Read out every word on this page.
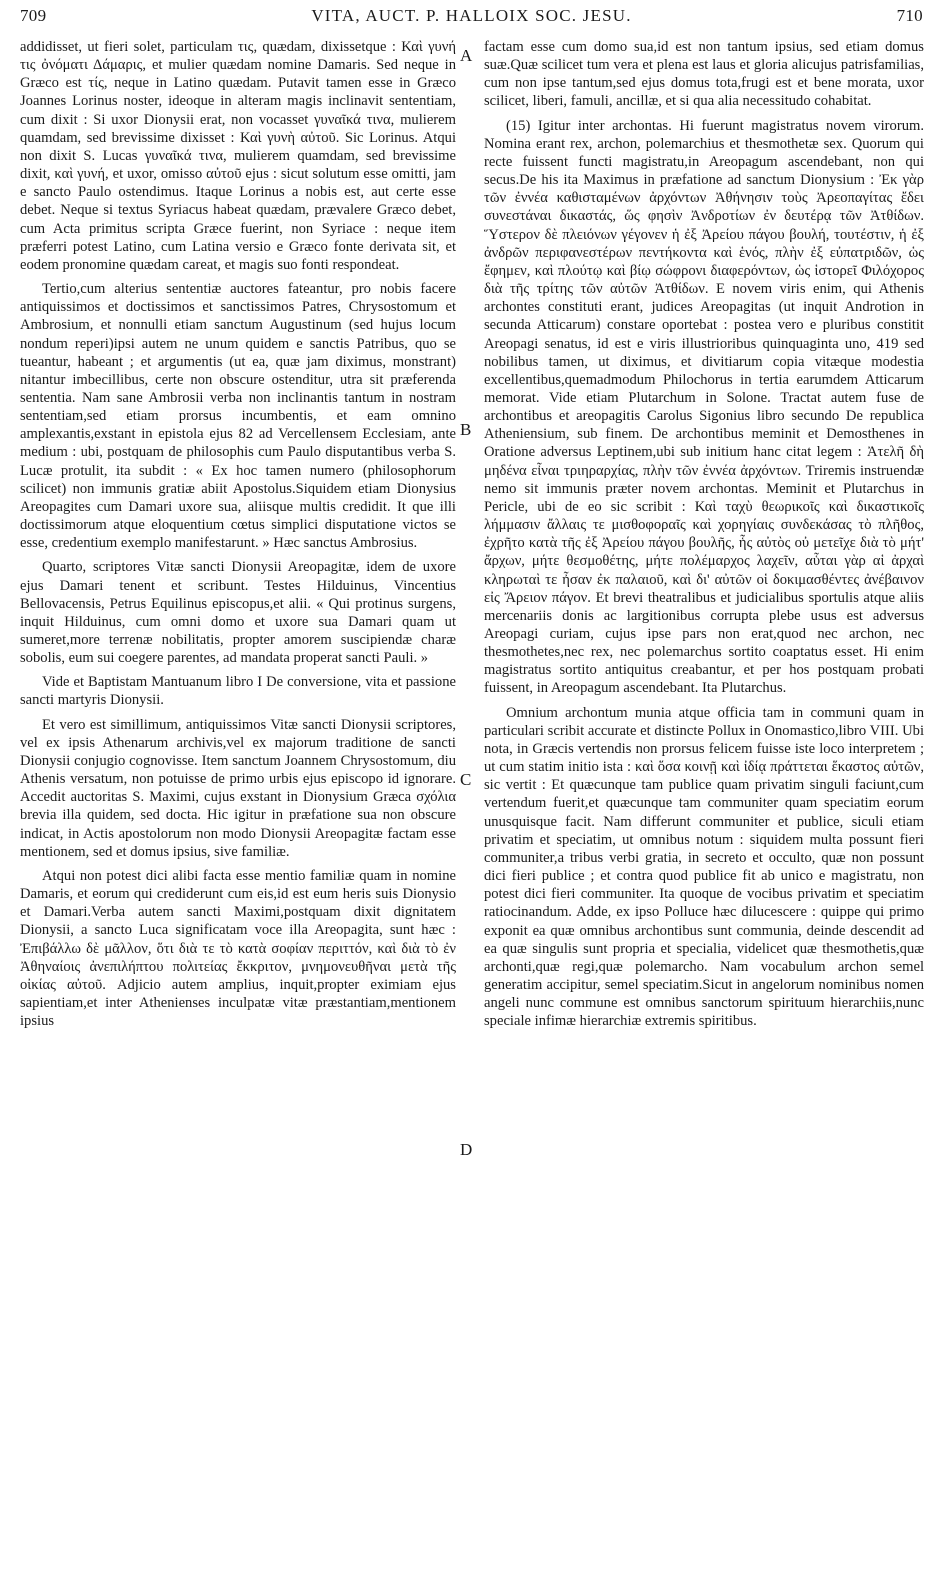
709	VITA, AUCT. P. HALLOIX SOC. JESU.	710
A
B
C
D

addidisset, ut fieri solet, particulam τις, quædam, dixissetque : Καὶ γυνή τις ὀνόματι Δάμαρις, et mulier quædam nomine Damaris. Sed neque in Græco est τίς, neque in Latino quædam. Putavit tamen esse in Græco Joannes Lorinus noster, ideoque in alteram magis inclinavit sententiam, cum dixit : Si uxor Dionysii erat, non vocasset γυναῖκά τινα, mulierem quamdam, sed brevissime dixisset : Καὶ γυνὴ αὐτοῦ. Sic Lorinus. Atqui non dixit S. Lucas γυναῖκά τινα, mulierem quamdam, sed brevissime dixit, καὶ γυνή, et uxor, omisso αὐτοῦ ejus : sicut solutum esse omitti, jam e sancto Paulo ostendimus. Itaque Lorinus a nobis est, aut certe esse debet. Neque si textus Syriacus habeat quædam, prævalere Græco debet, cum Acta primitus scripta Græce fuerint, non Syriace : neque item præferri potest Latino, cum Latina versio e Græco fonte derivata sit, et eodem pronomine quædam careat, et magis suo fonti respondeat.

Tertio,cum alterius sententiæ auctores fateantur, pro nobis facere antiquissimos et doctissimos et sanctissimos Patres, Chrysostomum et Ambrosium, et nonnulli etiam sanctum Augustinum (sed hujus locum nondum reperi)ipsi autem ne unum quidem e sanctis Patribus, quo se tueantur, habeant ; et argumentis (ut ea, quæ jam diximus, monstrant) nitantur imbecillibus, certe non obscure ostenditur, utra sit præferenda sententia. Nam sane Ambrosii verba non inclinantis tantum in nostram sententiam,sed etiam prorsus incumbentis, et eam omnino amplexantis,exstant in epistola ejus 82 ad Vercellensem Ecclesiam, ante medium : ubi, postquam de philosophis cum Paulo disputantibus verba S. Lucæ protulit, ita subdit : « Ex hoc tamen numero (philosophorum scilicet) non immunis gratiæ abiit Apostolus.Siquidem etiam Dionysius Areopagites cum Damari uxore sua, aliisque multis credidit. It que illi doctissimorum atque eloquentium cœtus simplici disputatione victos se esse, credentium exemplo manifestarunt. » Hæc sanctus Ambrosius.

Quarto, scriptores Vitæ sancti Dionysii Areopagitæ, idem de uxore ejus Damari tenent et scribunt. Testes Hilduinus, Vincentius Bellovacensis, Petrus Equilinus episcopus,et alii. « Qui protinus surgens, inquit Hilduinus, cum omni domo et uxore sua Damari quam ut sumeret,more terrenæ nobilitatis, propter amorem suscipiendæ charæ sobolis, eum sui coegere parentes, ad mandata properat sancti Pauli. »

Vide et Baptistam Mantuanum libro I De conversione, vita et passione sancti martyris Dionysii.

Et vero est simillimum, antiquissimos Vitæ sancti Dionysii scriptores, vel ex ipsis Athenarum archivis,vel ex majorum traditione de sancti Dionysii conjugio cognovisse. Item sanctum Joannem Chrysostomum, diu Athenis versatum, non potuisse de primo urbis ejus episcopo id ignorare. Accedit auctoritas S. Maximi, cujus exstant in Dionysium Græca σχόλια brevia illa quidem, sed docta. Hic igitur in præfatione sua non obscure indicat, in Actis apostolorum non modo Dionysii Areopagitæ factam esse mentionem, sed et domus ipsius, sive familiæ.

Atqui non potest dici alibi facta esse mentio familiæ quam in nomine Damaris, et eorum qui crediderunt cum eis,id est eum heris suis Dionysio et Damari.Verba autem sancti Maximi,postquam dixit dignitatem Dionysii, a sancto Luca significatam voce illa Areopagita, sunt hæc : Ἐπιβάλλω δὲ μᾶλλον, ὅτι διὰ τε τὸ κατὰ σοφίαν περιττόν, καὶ διὰ τὸ ἐν Ἀθηναίοις ἀνεπιλήπτου πολιτείας ἔκκριτον, μνημονευθῆναι μετὰ τῆς οἰκίας αὐτοῦ. Adjicio autem amplius, inquit,propter eximiam ejus sapientiam,et inter Athenienses inculpatæ vitæ præstantiam,mentionem ipsius

factam esse cum domo sua,id est non tantum ipsius, sed etiam domus suæ.Quæ scilicet tum vera et plena est laus et gloria alicujus patrisfamilias, cum non ipse tantum,sed ejus domus tota,frugi est et bene morata, uxor scilicet, liberi, famuli, ancillæ, et si qua alia necessitudo cohabitat.

(15) Igitur inter archontas. Hi fuerunt magistratus novem virorum. Nomina erant rex, archon, polemarchius et thesmothetæ sex. Quorum qui recte fuissent functi magistratu,in Areopagum ascendebant, non qui secus.De his ita Maximus in præfatione ad sanctum Dionysium : Ἐκ γὰρ τῶν ἐννέα καθισταμένων ἀρχόντων Ἀθήνησιν τοὺς Ἀρεοπαγίτας ἔδει συνεστάναι δικαστάς, ὥς φησὶν Ἀνδροτίων ἐν δευτέρᾳ τῶν Ἀτθίδων. Ὕστερον δὲ πλειόνων γέγονεν ἡ ἐξ Ἀρείου πάγου βουλή, τουτέστιν, ἡ ἐξ ἀνδρῶν περιφανεστέρων πεντήκοντα καὶ ἑνός, πλὴν ἐξ εὐπατριδῶν, ὡς ἔφημεν, καὶ πλούτῳ καὶ βίῳ σώφρονι διαφερόντων, ὡς ἱστορεῖ Φιλόχορος διὰ τῆς τρίτης τῶν αὐτῶν Ἀτθίδων. E novem viris enim, qui Athenis archontes constituti erant, judices Areopagitas (ut inquit Androtion in secunda Atticarum) constare oportebat : postea vero e pluribus constitit Areopagi senatus, id est e viris illustrioribus quinquaginta uno, 419 sed nobilibus tamen, ut diximus, et divitiarum copia vitæque modestia excellentibus,quemadmodum Philochorus in tertia earumdem Atticarum memorat. Vide etiam Plutarchum in Solone. Tractat autem fuse de archontibus et areopagitis Carolus Sigonius libro secundo De republica Atheniensium, sub finem. De archontibus meminit et Demosthenes in Oratione adversus Leptinem,ubi sub initium hanc citat legem : Ἀτελῆ δὴ μηδένα εἶναι τριηραρχίας, πλὴν τῶν ἐννέα ἀρχόντων. Triremis instruendæ nemo sit immunis præter novem archontas. Meminit et Plutarchus in Pericle, ubi de eo sic scribit : Καὶ ταχὺ θεωρικοῖς καὶ δικαστικοῖς λήμμασιν ἄλλαις τε μισθοφοραῖς καὶ χορηγίαις συνδεκάσας τὸ πλῆθος, ἐχρῆτο κατὰ τῆς ἐξ Ἀρείου πάγου βουλῆς, ἧς αὐτὸς οὐ μετεῖχε διὰ τὸ μήτ' ἄρχων, μήτε θεσμοθέτης, μήτε πολέμαρχος λαχεῖν, αὗται γὰρ αἱ ἀρχαὶ κληρωταὶ τε ἦσαν ἐκ παλαιοῦ, καὶ δι' αὐτῶν οἱ δοκιμασθέντες ἀνέβαινον εἰς Ἄρειον πάγον. Et brevi theatralibus et judicialibus sportulis atque aliis mercenariis donis ac largitionibus corrupta plebe usus est adversus Areopagi curiam, cujus ipse pars non erat,quod nec archon, nec thesmothetes,nec rex, nec polemarchus sortito coaptatus esset. Hi enim magistratus sortito antiquitus creabantur, et per hos postquam probati fuissent, in Areopagum ascendebant. Ita Plutarchus.

Omnium archontum munia atque officia tam in communi quam in particulari scribit accurate et distincte Pollux in Onomastico,libro VIII. Ubi nota, in Græcis vertendis non prorsus felicem fuisse iste loco interpretem ; ut cum statim initio ista : καὶ ὅσα κοινῇ καὶ ἰδίᾳ πράττεται ἕκαστος αὐτῶν, sic vertit : Et quæcunque tam publice quam privatim singuli faciunt,cum vertendum fuerit,et quæcunque tam communiter quam speciatim eorum unusquisque facit. Nam differunt communiter et publice, siculi etiam privatim et speciatim, ut omnibus notum : siquidem multa possunt fieri communiter,a tribus verbi gratia, in secreto et occulto, quæ non possunt dici fieri publice ; et contra quod publice fit ab unico e magistratu, non potest dici fieri communiter. Ita quoque de vocibus privatim et speciatim ratiocinandum. Adde, ex ipso Polluce hæc dilucescere : quippe qui primo exponit ea quæ omnibus archontibus sunt communia, deinde descendit ad ea quæ singulis sunt propria et specialia, videlicet quæ thesmothetis,quæ archonti,quæ regi,quæ polemarcho. Nam vocabulum archon semel generatim accipitur, semel speciatim.Sicut in angelorum nominibus nomen angeli nunc commune est omnibus sanctorum spirituum hierarchiis,nunc speciale infimæ hierarchiæ extremis spiritibus.
